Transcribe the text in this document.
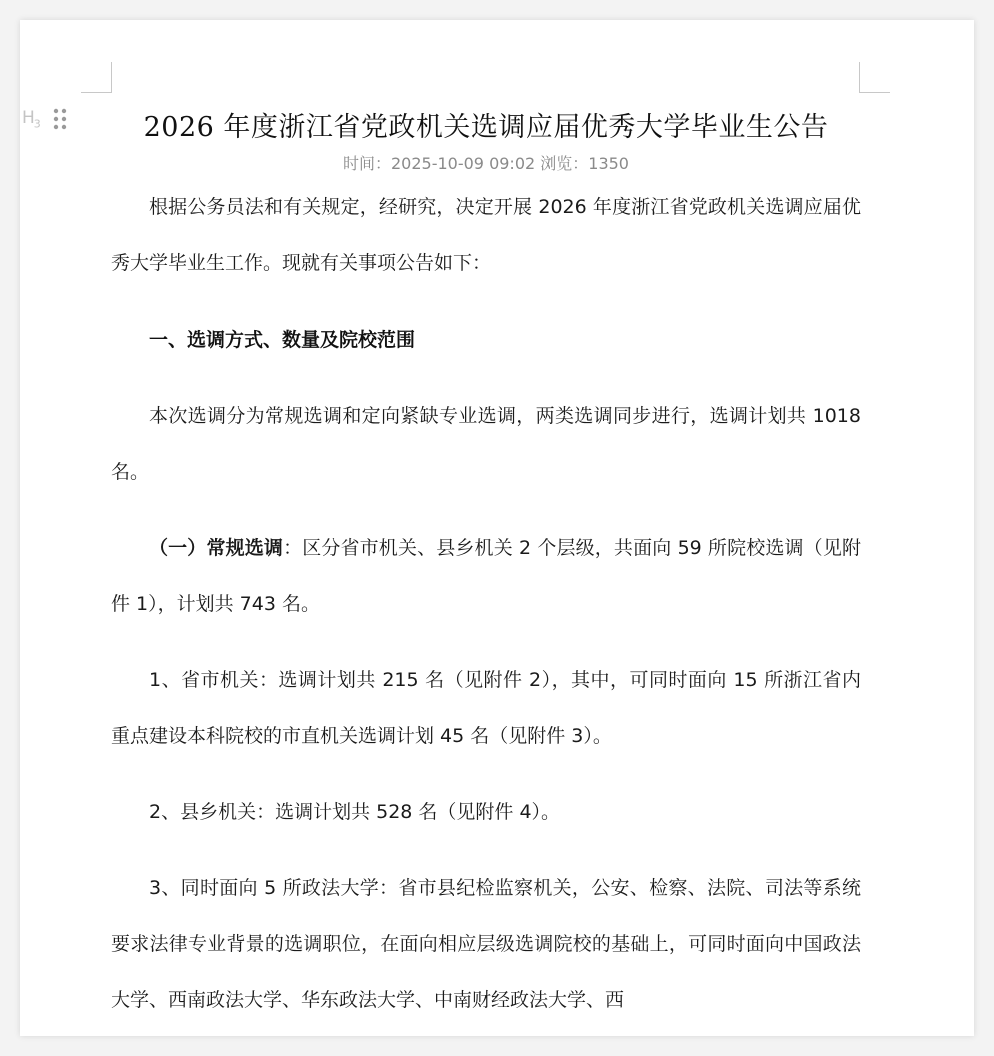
$H_3$	2026 年度浙江省党政机关选调应届优秀大学毕业生公告
时间：2025-10-09 09:02 浏览：1350

根据公务员法和有关规定，经研究，决定开展 2026 年度浙江省党政机关选调应届优秀大学毕业生工作。现就有关事项公告如下：

一、选调方式、数量及院校范围

本次选调分为常规选调和定向紧缺专业选调，两类选调同步进行，选调计划共 1018 名。

（一）常规选调：区分省市机关、县乡机关 2 个层级，共面向 59 所院校选调（见附件 1），计划共 743 名。

1、省市机关：选调计划共 215 名（见附件 2），其中，可同时面向 15 所浙江省内重点建设本科院校的市直机关选调计划 45 名（见附件 3）。

2、县乡机关：选调计划共 528 名（见附件 4）。

3、同时面向 5 所政法大学：省市县纪检监察机关，公安、检察、法院、司法等系统要求法律专业背景的选调职位，在面向相应层级选调院校的基础上，可同时面向中国政法大学、西南政法大学、华东政法大学、中南财经政法大学、西
